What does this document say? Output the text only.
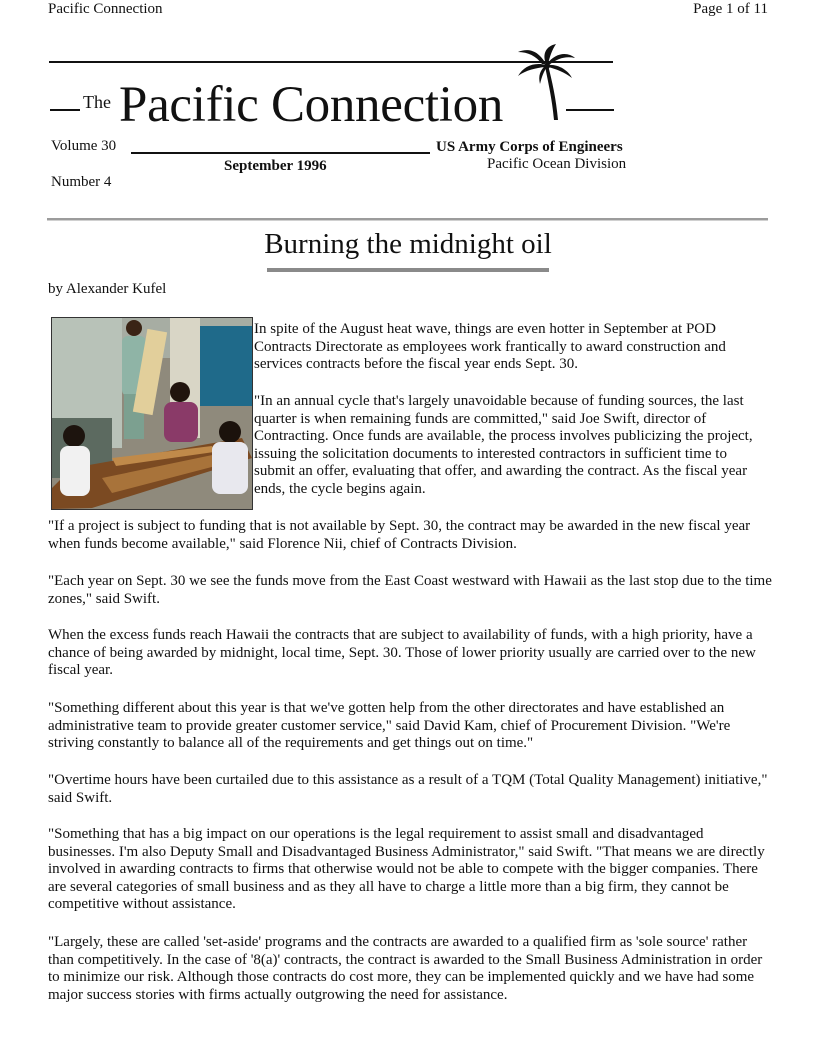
Pacific Connection	Page 1 of 11
The Pacific Connection
Volume 30
September 1996
US Army Corps of Engineers
Pacific Ocean Division
Number 4
Burning the midnight oil
by Alexander Kufel

In spite of the August heat wave, things are even hotter in September at POD Contracts Directorate as employees work frantically to award construction and services contracts before the fiscal year ends Sept. 30.

"In an annual cycle that's largely unavoidable because of funding sources, the last quarter is when remaining funds are committed," said Joe Swift, director of Contracting. Once funds are available, the process involves publicizing the project, issuing the solicitation documents to interested contractors in sufficient time to submit an offer, evaluating that offer, and awarding the contract. As the fiscal year ends, the cycle begins again.

"If a project is subject to funding that is not available by Sept. 30, the contract may be awarded in the new fiscal year when funds become available," said Florence Nii, chief of Contracts Division.

"Each year on Sept. 30 we see the funds move from the East Coast westward with Hawaii as the last stop due to the time zones," said Swift.

When the excess funds reach Hawaii the contracts that are subject to availability of funds, with a high priority, have a chance of being awarded by midnight, local time, Sept. 30. Those of lower priority usually are carried over to the new fiscal year.

"Something different about this year is that we've gotten help from the other directorates and have established an administrative team to provide greater customer service," said David Kam, chief of Procurement Division. "We're striving constantly to balance all of the requirements and get things out on time."

"Overtime hours have been curtailed due to this assistance as a result of a TQM (Total Quality Management) initiative," said Swift.

"Something that has a big impact on our operations is the legal requirement to assist small and disadvantaged businesses. I'm also Deputy Small and Disadvantaged Business Administrator," said Swift. "That means we are directly involved in awarding contracts to firms that otherwise would not be able to compete with the bigger companies. There are several categories of small business and as they all have to charge a little more than a big firm, they cannot be competitive without assistance.

"Largely, these are called 'set-aside' programs and the contracts are awarded to a qualified firm as 'sole source' rather than competitively. In the case of '8(a)' contracts, the contract is awarded to the Small Business Administration in order to minimize our risk. Although those contracts do cost more, they can be implemented quickly and we have had some major success stories with firms actually outgrowing the need for assistance.
